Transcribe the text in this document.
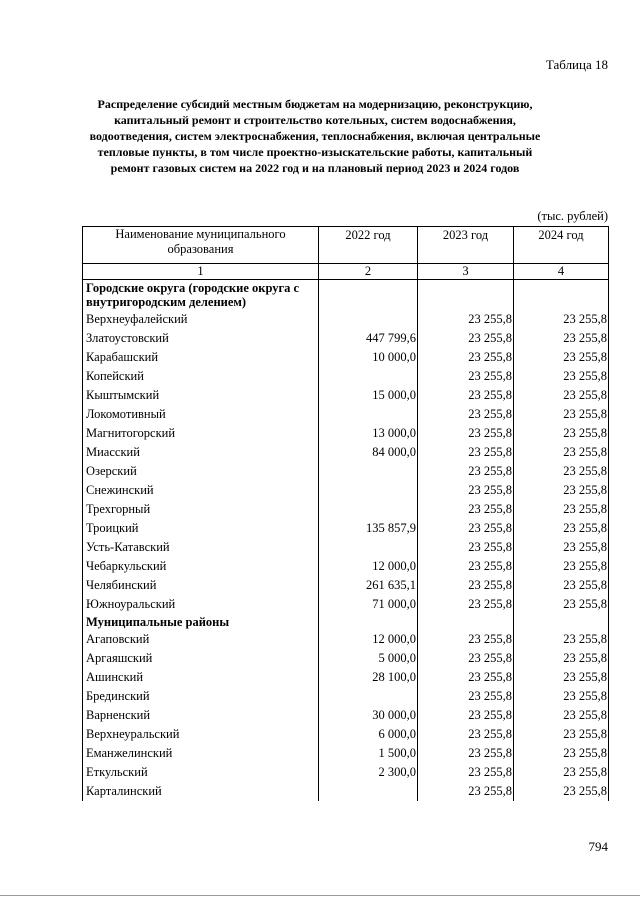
Таблица 18
Распределение субсидий местным бюджетам на модернизацию, реконструкцию, капитальный ремонт и строительство котельных, систем водоснабжения, водоотведения, систем электроснабжения, теплоснабжения, включая центральные тепловые пункты, в том числе проектно-изыскательские работы, капитальный ремонт газовых систем на 2022 год и на плановый период 2023 и 2024 годов
(тыс. рублей)
Наименование муниципального образования	2022 год	2023 год	2024 год
1	2	3	4
Городские округа (городские округа с внутригородским делением)			
Верхнеуфалейский		23 255,8	23 255,8
Златоустовский	447 799,6	23 255,8	23 255,8
Карабашский	10 000,0	23 255,8	23 255,8
Копейский		23 255,8	23 255,8
Кыштымский	15 000,0	23 255,8	23 255,8
Локомотивный		23 255,8	23 255,8
Магнитогорский	13 000,0	23 255,8	23 255,8
Миасский	84 000,0	23 255,8	23 255,8
Озерский		23 255,8	23 255,8
Снежинский		23 255,8	23 255,8
Трехгорный		23 255,8	23 255,8
Троицкий	135 857,9	23 255,8	23 255,8
Усть-Катавский		23 255,8	23 255,8
Чебаркульский	12 000,0	23 255,8	23 255,8
Челябинский	261 635,1	23 255,8	23 255,8
Южноуральский	71 000,0	23 255,8	23 255,8
Муниципальные районы			
Агаповский	12 000,0	23 255,8	23 255,8
Аргаяшский	5 000,0	23 255,8	23 255,8
Ашинский	28 100,0	23 255,8	23 255,8
Брединский		23 255,8	23 255,8
Варненский	30 000,0	23 255,8	23 255,8
Верхнеуральский	6 000,0	23 255,8	23 255,8
Еманжелинский	1 500,0	23 255,8	23 255,8
Еткульский	2 300,0	23 255,8	23 255,8
Карталинский		23 255,8	23 255,8
794
